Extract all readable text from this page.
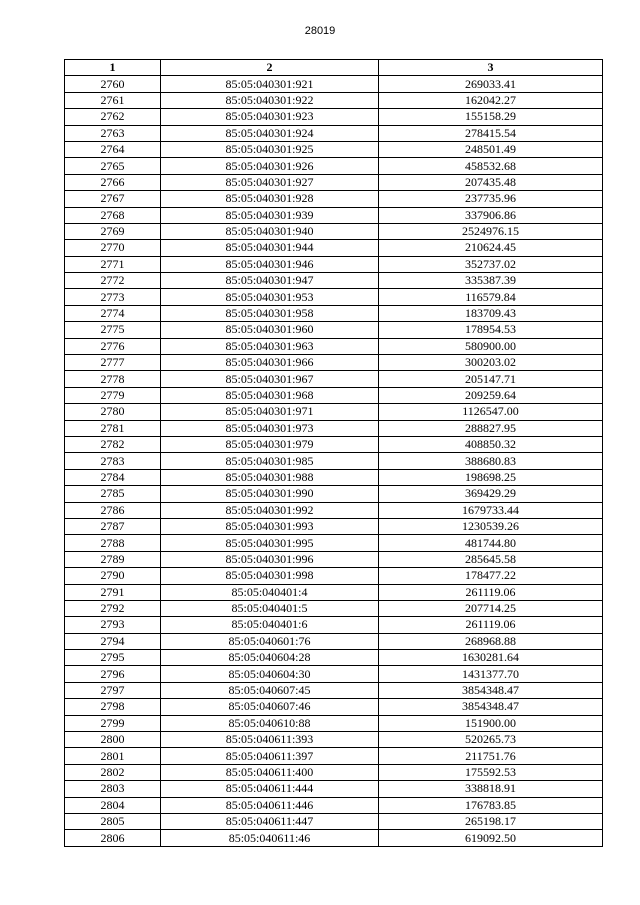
28019
1	2	3
2760	85:05:040301:921	269033.41
2761	85:05:040301:922	162042.27
2762	85:05:040301:923	155158.29
2763	85:05:040301:924	278415.54
2764	85:05:040301:925	248501.49
2765	85:05:040301:926	458532.68
2766	85:05:040301:927	207435.48
2767	85:05:040301:928	237735.96
2768	85:05:040301:939	337906.86
2769	85:05:040301:940	2524976.15
2770	85:05:040301:944	210624.45
2771	85:05:040301:946	352737.02
2772	85:05:040301:947	335387.39
2773	85:05:040301:953	116579.84
2774	85:05:040301:958	183709.43
2775	85:05:040301:960	178954.53
2776	85:05:040301:963	580900.00
2777	85:05:040301:966	300203.02
2778	85:05:040301:967	205147.71
2779	85:05:040301:968	209259.64
2780	85:05:040301:971	1126547.00
2781	85:05:040301:973	288827.95
2782	85:05:040301:979	408850.32
2783	85:05:040301:985	388680.83
2784	85:05:040301:988	198698.25
2785	85:05:040301:990	369429.29
2786	85:05:040301:992	1679733.44
2787	85:05:040301:993	1230539.26
2788	85:05:040301:995	481744.80
2789	85:05:040301:996	285645.58
2790	85:05:040301:998	178477.22
2791	85:05:040401:4	261119.06
2792	85:05:040401:5	207714.25
2793	85:05:040401:6	261119.06
2794	85:05:040601:76	268968.88
2795	85:05:040604:28	1630281.64
2796	85:05:040604:30	1431377.70
2797	85:05:040607:45	3854348.47
2798	85:05:040607:46	3854348.47
2799	85:05:040610:88	151900.00
2800	85:05:040611:393	520265.73
2801	85:05:040611:397	211751.76
2802	85:05:040611:400	175592.53
2803	85:05:040611:444	338818.91
2804	85:05:040611:446	176783.85
2805	85:05:040611:447	265198.17
2806	85:05:040611:46	619092.50
